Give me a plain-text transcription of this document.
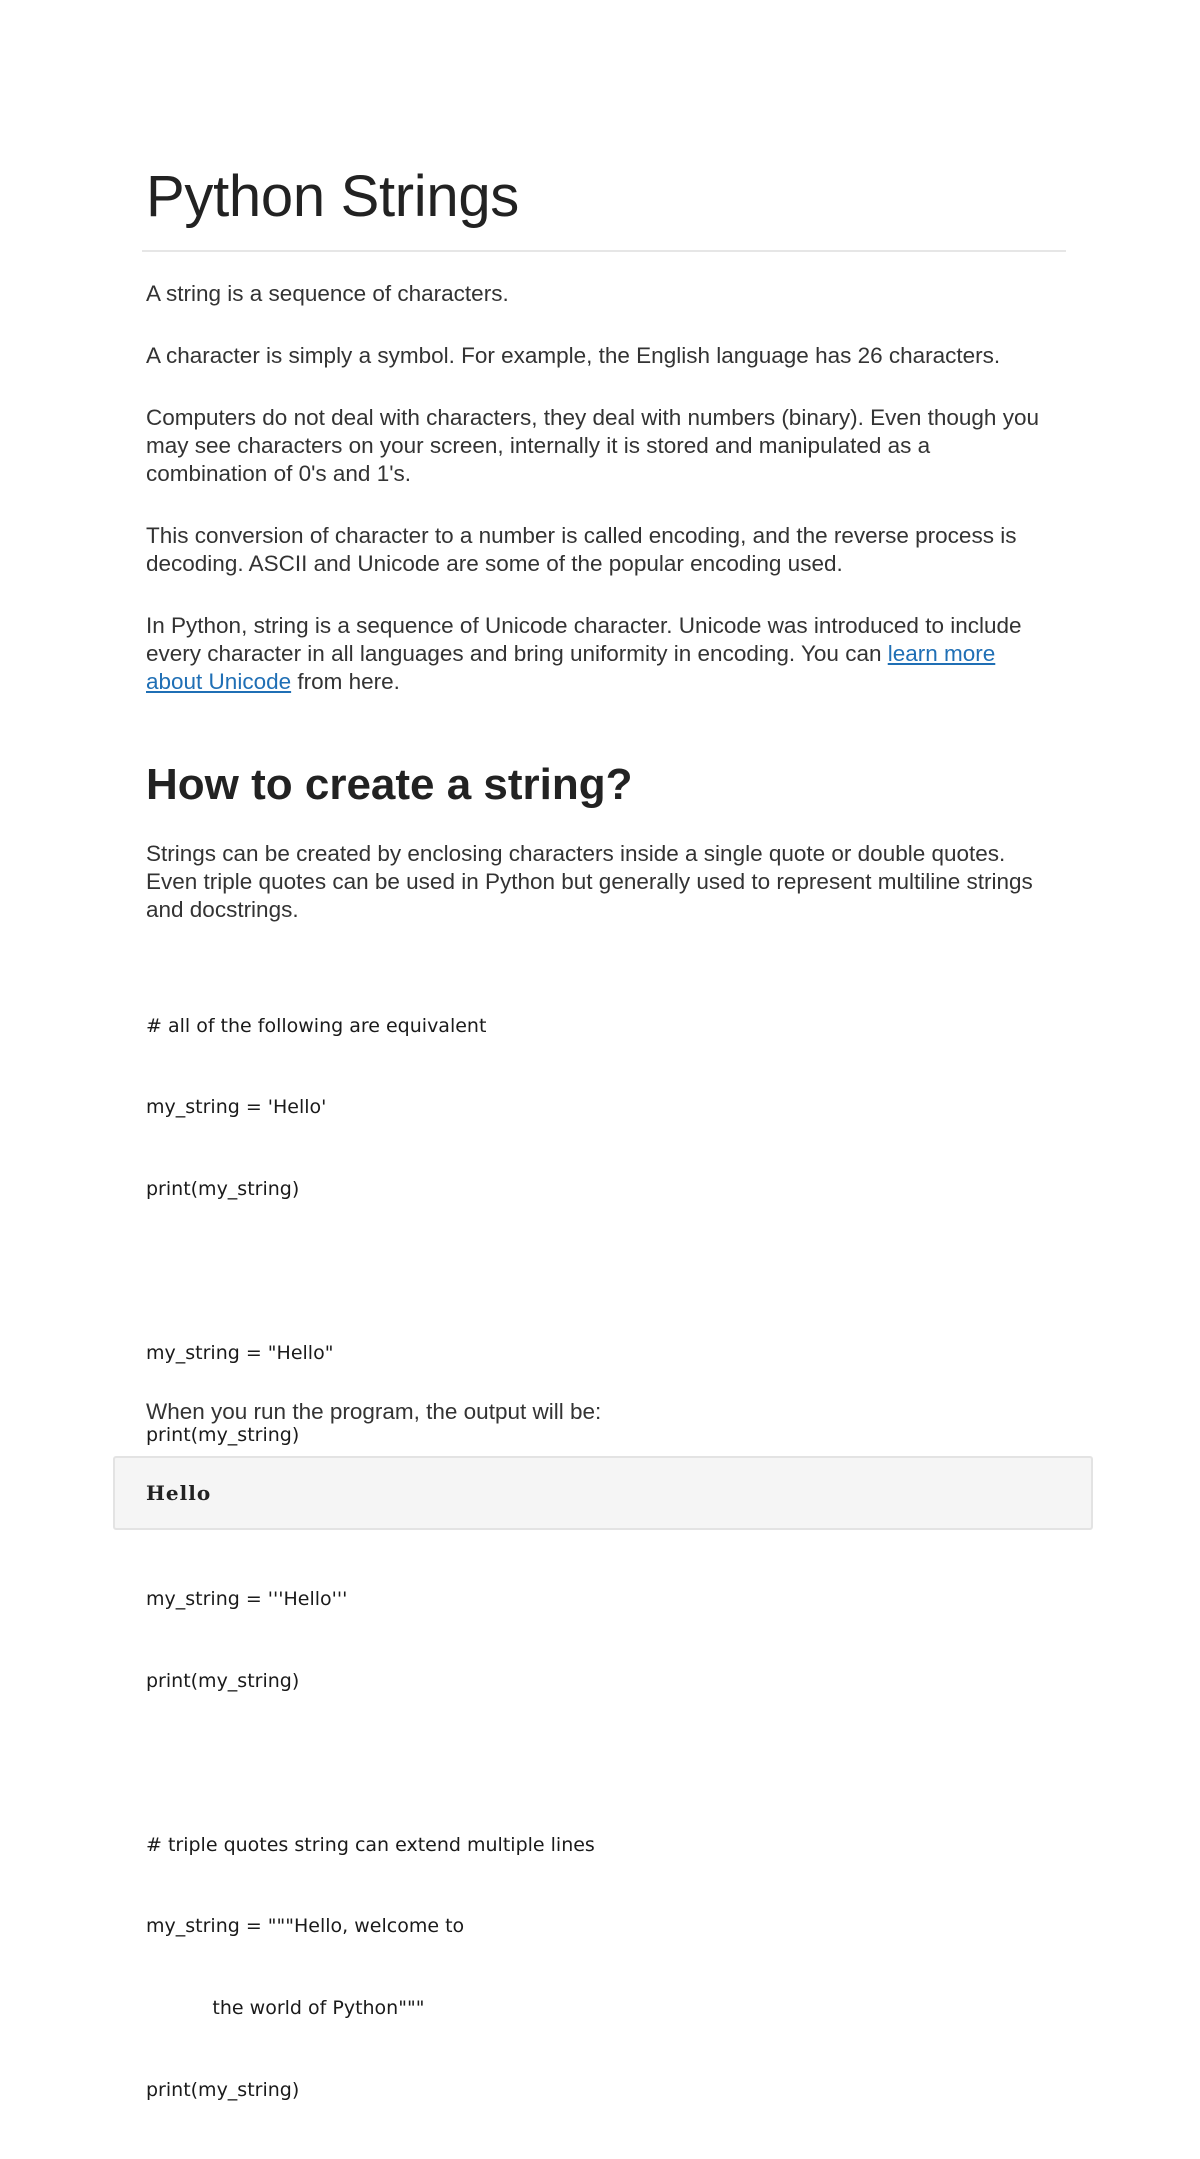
Python Strings

A string is a sequence of characters.

A character is simply a symbol. For example, the English language has 26 characters.

Computers do not deal with characters, they deal with numbers (binary). Even though you may see characters on your screen, internally it is stored and manipulated as a combination of 0's and 1's.

This conversion of character to a number is called encoding, and the reverse process is decoding. ASCII and Unicode are some of the popular encoding used.

In Python, string is a sequence of Unicode character. Unicode was introduced to include every character in all languages and bring uniformity in encoding. You can learn more about Unicode from here.

How to create a string?

Strings can be created by enclosing characters inside a single quote or double quotes. Even triple quotes can be used in Python but generally used to represent multiline strings and docstrings.

# all of the following are equivalent

my_string = 'Hello'

print(my_string)

my_string = "Hello"

print(my_string)

my_string = '''Hello'''

print(my_string)

# triple quotes string can extend multiple lines

my_string = """Hello, welcome to

the world of Python"""

print(my_string)

When you run the program, the output will be:

Hello
